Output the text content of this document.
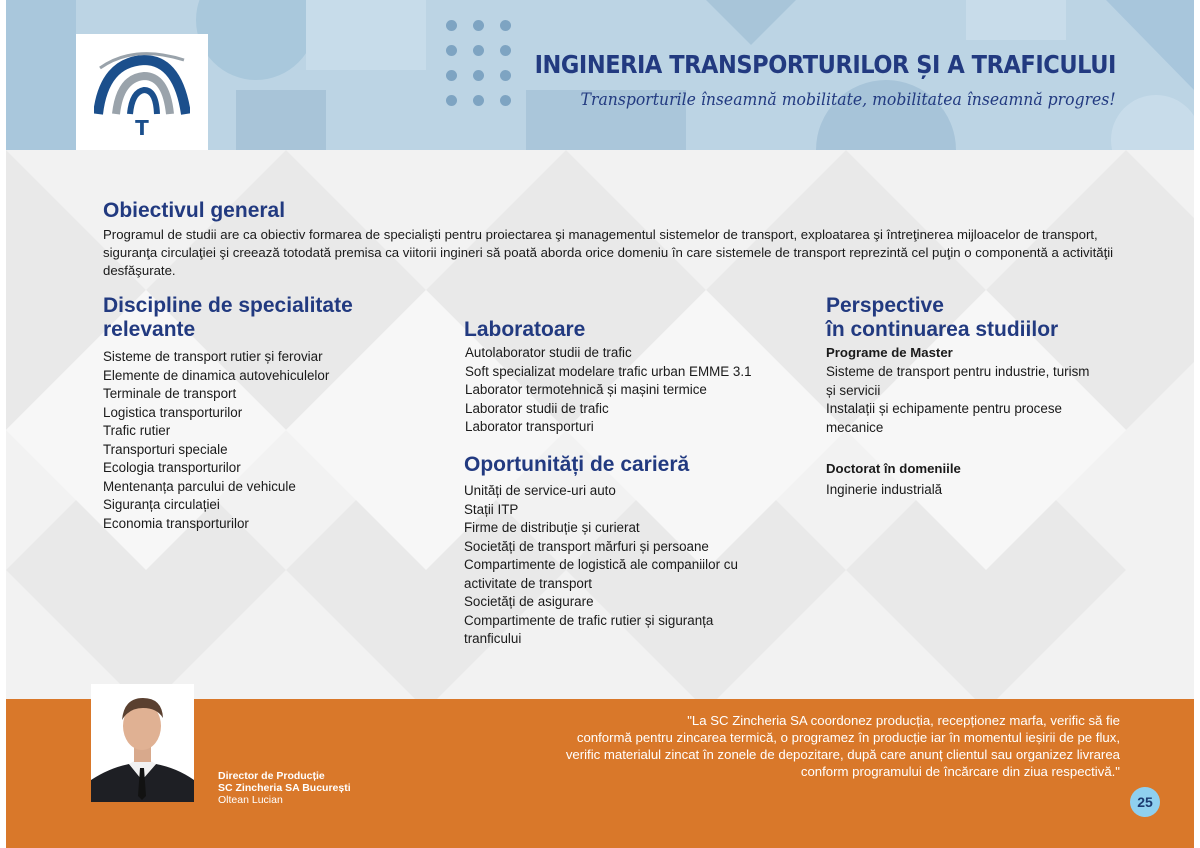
INGINERIA TRANSPORTURILOR ȘI A TRAFICULUI

Transporturile înseamnă mobilitate, mobilitatea înseamnă progres!

T
Obiectivul general

Programul de studii are ca obiectiv formarea de specialişti pentru proiectarea şi managementul sistemelor de transport, exploatarea şi întreţinerea mijloacelor de transport, siguranţa circulaţiei şi creează totodată premisa ca viitorii ingineri să poată aborda orice domeniu în care sistemele de transport reprezintă cel puţin o componentă a activităţii desfăşurate.

Discipline de specialitate
relevante
Sisteme de transport rutier și feroviar
Elemente de dinamica autovehiculelor
Terminale de transport
Logistica transporturilor
Trafic rutier
Transporturi speciale
Ecologia transporturilor
Mentenanța parcului de vehicule
Siguranța circulației
Economia transporturilor
Laboratoare
Autolaborator studii de trafic
Soft specializat modelare trafic urban EMME 3.1
Laborator termotehnică și mașini termice
Laborator studii de trafic
Laborator transporturi
Oportunități de carieră
Unități de service-uri auto
Stații ITP
Firme de distribuție și curierat
Societăți de transport mărfuri și persoane
Compartimente de logistică ale companiilor cu
activitate de transport
Societăți de asigurare
Compartimente de trafic rutier și siguranța
tranficului
Perspective
în continuarea studiilor

Programe de Master

Sisteme de transport pentru industrie, turism
și servicii
Instalații și echipamente pentru procese
mecanice

Doctorat în domeniile

Inginerie industrială
Director de Producție
SC Zincheria SA București
Oltean Lucian
"La SC Zincheria SA coordonez producția, recepționez marfa, verific să fie
conformă pentru zincarea termică, o programez în producție iar în momentul ieșirii de pe flux,
verific materialul zincat în zonele de depozitare, după care anunț clientul sau organizez livrarea
conform programului de încărcare din ziua respectivă."
25
